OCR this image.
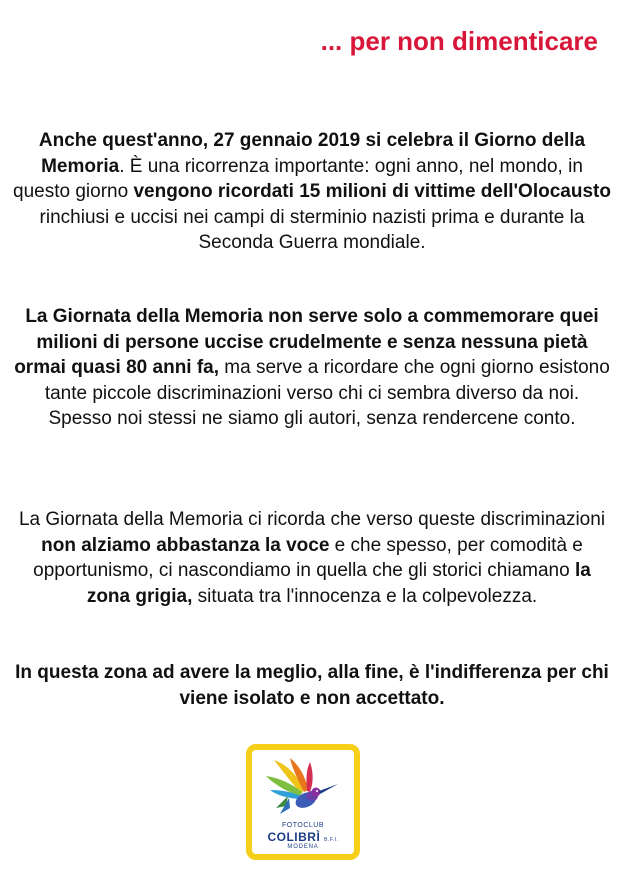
... per non dimenticare

Anche quest'anno, 27 gennaio 2019 si celebra il Giorno della Memoria. È una ricorrenza importante: ogni anno, nel mondo, in questo giorno vengono ricordati 15 milioni di vittime dell'Olocausto rinchiusi e uccisi nei campi di sterminio nazisti prima e durante la Seconda Guerra mondiale.

La Giornata della Memoria non serve solo a commemorare quei milioni di persone uccise crudelmente e senza nessuna pietà ormai quasi 80 anni fa, ma serve a ricordare che ogni giorno esistono tante piccole discriminazioni verso chi ci sembra diverso da noi. Spesso noi stessi ne siamo gli autori, senza rendercene conto.

La Giornata della Memoria ci ricorda che verso queste discriminazioni non alziamo abbastanza la voce e che spesso, per comodità e opportunismo, ci nascondiamo in quella che gli storici chiamano la zona grigia, situata tra l'innocenza e la colpevolezza.

In questa zona ad avere la meglio, alla fine, è l'indifferenza per chi viene isolato e non accettato.

FOTOCLUB
COLIBRÌ B.F.I.
MODENA
